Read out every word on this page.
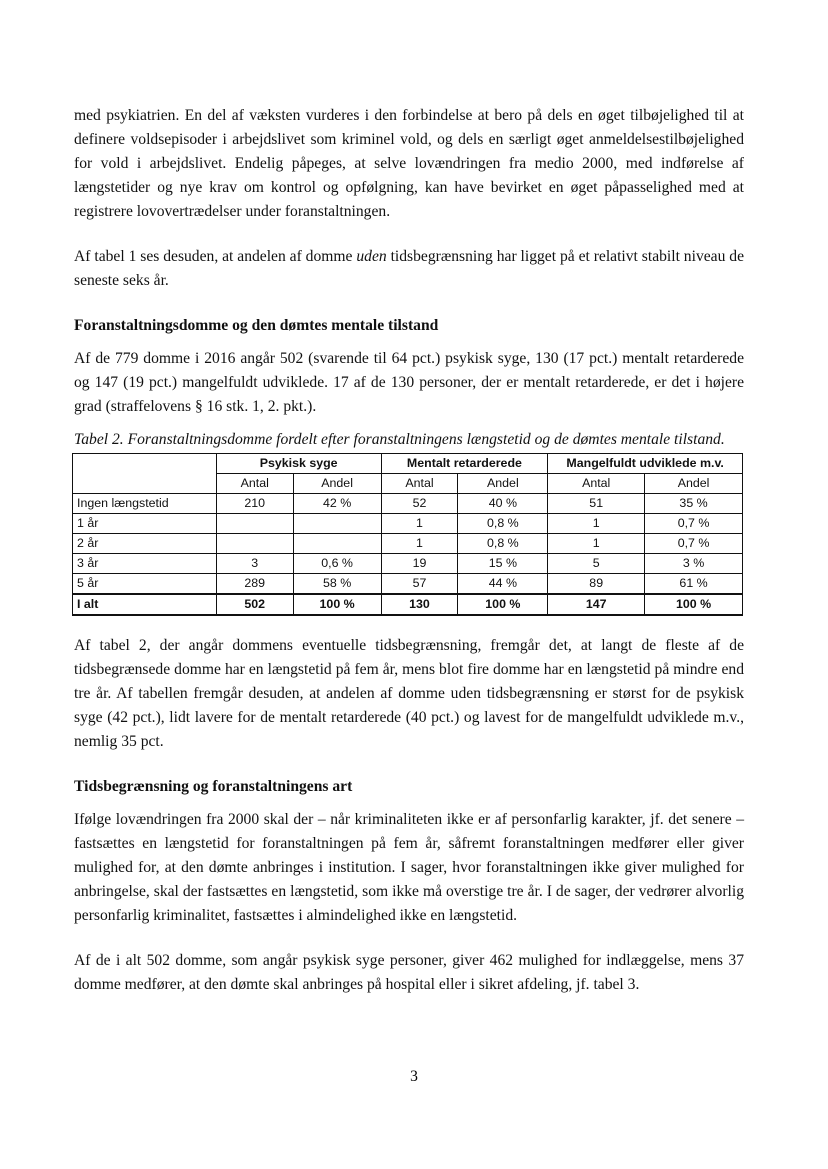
med psykiatrien. En del af væksten vurderes i den forbindelse at bero på dels en øget tilbøjelighed til at definere voldsepisoder i arbejdslivet som kriminel vold, og dels en særligt øget anmeldelsestilbøjelighed for vold i arbejdslivet. Endelig påpeges, at selve lovændringen fra medio 2000, med indførelse af længstetider og nye krav om kontrol og opfølgning, kan have bevirket en øget påpasselighed med at registrere lovovertrædelser under foranstaltningen.

Af tabel 1 ses desuden, at andelen af domme uden tidsbegrænsning har ligget på et relativt stabilt niveau de seneste seks år.

Foranstaltningsdomme og den dømtes mentale tilstand

Af de 779 domme i 2016 angår 502 (svarende til 64 pct.) psykisk syge, 130 (17 pct.) mentalt retarderede og 147 (19 pct.) mangelfuldt udviklede. 17 af de 130 personer, der er mentalt retarderede, er det i højere grad (straffelovens § 16 stk. 1, 2. pkt.).

Tabel 2. Foranstaltningsdomme fordelt efter foranstaltningens længstetid og de dømtes mentale tilstand.

	Psykisk syge		Mentalt retarderede		Mangelfuldt udviklede m.v.	
	Antal	Andel	Antal	Andel	Antal	Andel
Ingen længstetid	210	42 %	52	40 %	51	35 %
1 år			1	0,8 %	1	0,7 %
2 år			1	0,8 %	1	0,7 %
3 år	3	0,6 %	19	15 %	5	3 %
5 år	289	58 %	57	44 %	89	61 %
I alt	502	100 %	130	100 %	147	100 %

Af tabel 2, der angår dommens eventuelle tidsbegrænsning, fremgår det, at langt de fleste af de tidsbegrænsede domme har en længstetid på fem år, mens blot fire domme har en længstetid på mindre end tre år. Af tabellen fremgår desuden, at andelen af domme uden tidsbegrænsning er størst for de psykisk syge (42 pct.), lidt lavere for de mentalt retarderede (40 pct.) og lavest for de mangelfuldt udviklede m.v., nemlig 35 pct.

Tidsbegrænsning og foranstaltningens art

Ifølge lovændringen fra 2000 skal der – når kriminaliteten ikke er af personfarlig karakter, jf. det senere – fastsættes en længstetid for foranstaltningen på fem år, såfremt foranstaltningen medfører eller giver mulighed for, at den dømte anbringes i institution. I sager, hvor foranstaltningen ikke giver mulighed for anbringelse, skal der fastsættes en længstetid, som ikke må overstige tre år. I de sager, der vedrører alvorlig personfarlig kriminalitet, fastsættes i almindelighed ikke en længstetid.

Af de i alt 502 domme, som angår psykisk syge personer, giver 462 mulighed for indlæggelse, mens 37 domme medfører, at den dømte skal anbringes på hospital eller i sikret afdeling, jf. tabel 3.

3
